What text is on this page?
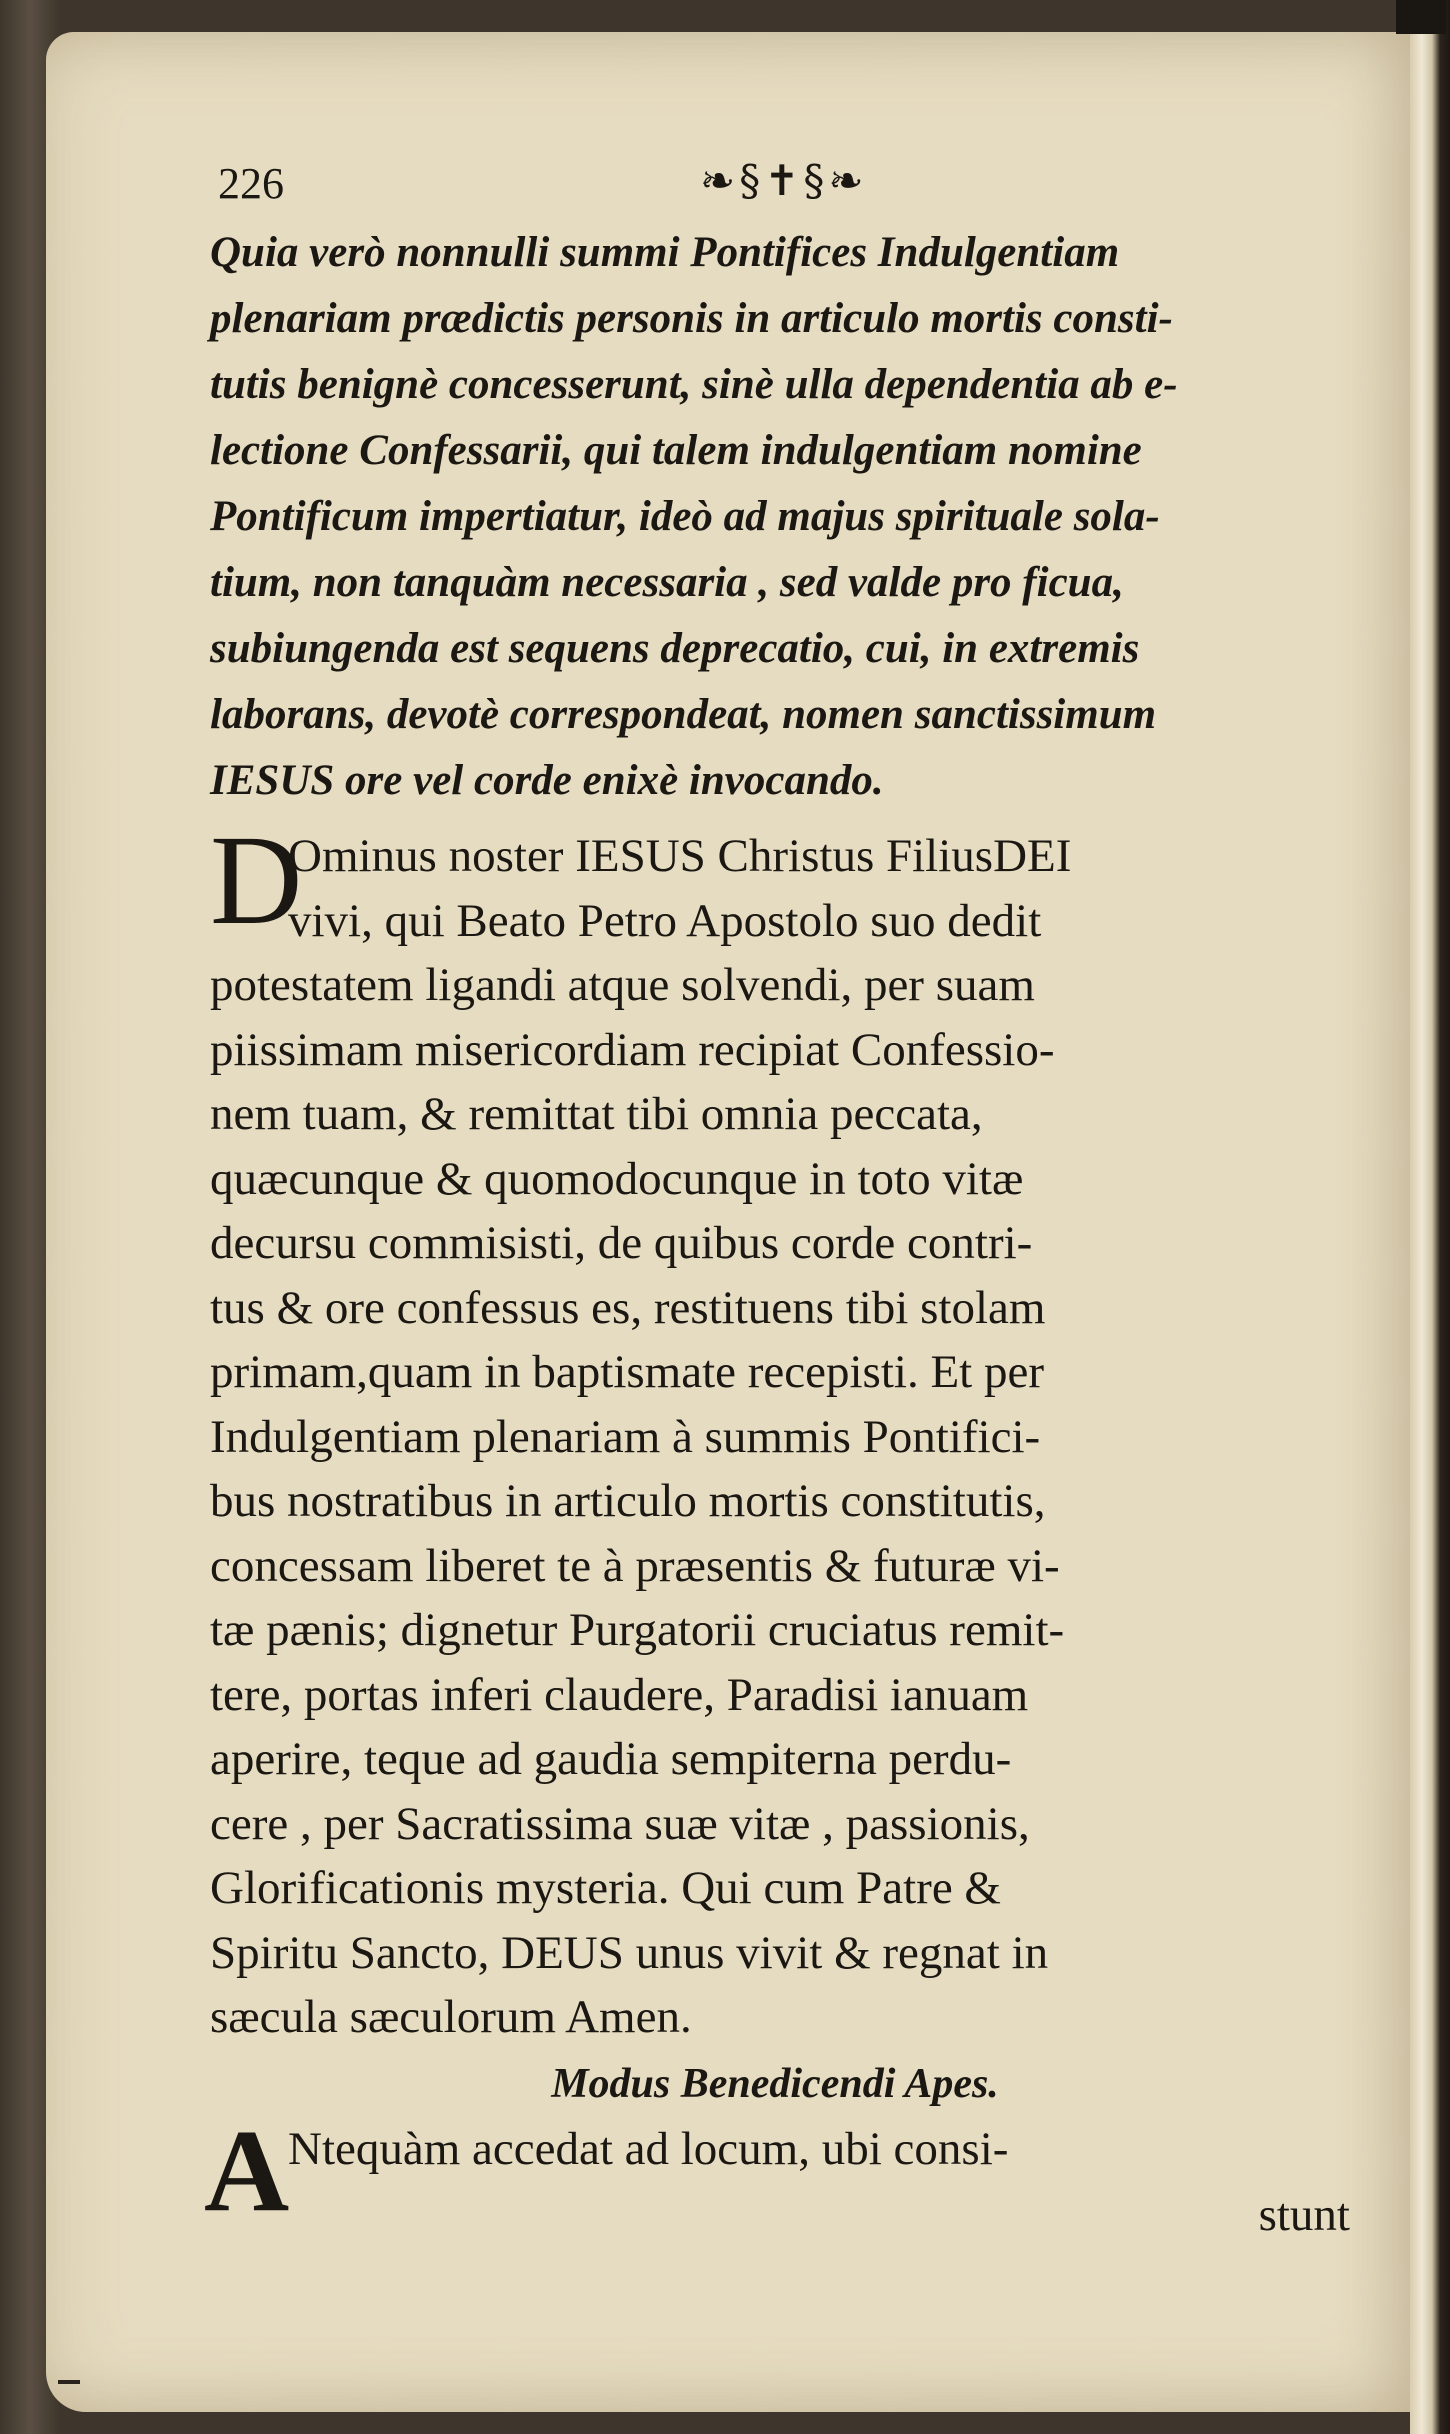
226	❧§✝§❧
Quia verò nonnulli summi Pontifices Indulgentiam
plenariam prædictis personis in articulo mortis consti-
tutis benignè concesserunt, sinè ulla dependentia ab e-
lectione Confessarii, qui talem indulgentiam nomine
Pontificum impertiatur, ideò ad majus spirituale sola-
tium, non tanquàm necessaria , sed valde pro ficua,
subiungenda est sequens deprecatio, cui, in extremis
laborans, devotè correspondeat, nomen sanctissimum
IESUS ore vel corde enixè invocando.
D
Ominus noster IESUS Christus FiliusDEI
vivi, qui Beato Petro Apostolo suo dedit
potestatem ligandi atque solvendi, per suam
piissimam misericordiam recipiat Confessio-
nem tuam, & remittat tibi omnia peccata,
quæcunque & quomodocunque in toto vitæ
decursu commisisti, de quibus corde contri-
tus & ore confessus es, restituens tibi stolam
primam,quam in baptismate recepisti. Et per
Indulgentiam plenariam à summis Pontifici-
bus nostratibus in articulo mortis constitutis,
concessam liberet te à præsentis & futuræ vi-
tæ pænis; dignetur Purgatorii cruciatus remit-
tere, portas inferi claudere, Paradisi ianuam
aperire, teque ad gaudia sempiterna perdu-
cere , per Sacratissima suæ vitæ , passionis,
Glorificationis mysteria. Qui cum Patre &
Spiritu Sancto, DEUS unus vivit & regnat in
sæcula sæculorum Amen.
Modus Benedicendi Apes.
A
Ntequàm accedat ad locum, ubi consi-
stunt
